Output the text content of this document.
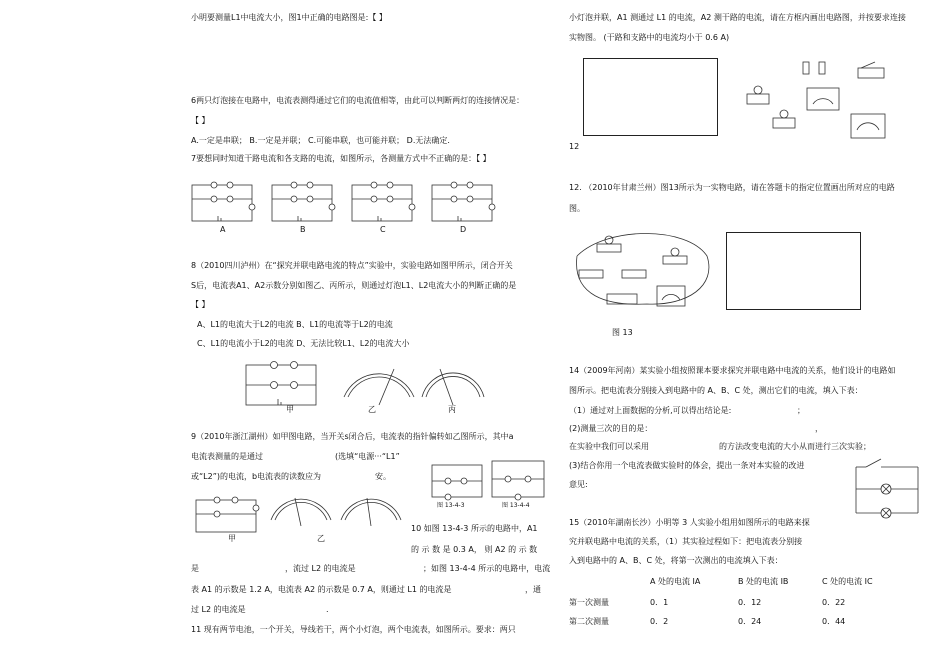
小明要测量L1中电流大小，图1中正确的电路图是:【 】
6两只灯泡接在电路中，电流表测得通过它们的电流值相等，由此可以判断两灯的连接情况是：
【 】
A.一定是串联； B.一定是并联； C.可能串联，也可能并联； D.无法确定.
7要想同时知道干路电流和各支路的电流，如图所示，各测量方式中不正确的是：【 】
A	B	C	D
8（2010四川泸州）在“探究并联电路电流的特点”实验中，实验电路如图甲所示，闭合开关
S后，电流表A1、A2示数分别如图乙、丙所示，则通过灯泡L1、L2电流大小的判断正确的是
【 】
A、L1的电流大于L2的电流 B、L1的电流等于L2的电流
C、L1的电流小于L2的电流 D、无法比较L1、L2的电流大小
甲	乙	丙
9（2010年浙江湖州）如甲图电路，当开关s闭合后，电流表的指针偏转如乙图所示，其中a
电流表测量的是通过	(选填“电源···“L1”
或“L2”)的电流，b电流表的读数应为	安。
甲	乙
图 13-4-3	图 13-4-4
10 如图 13-4-3 所示的电路中，A1
的 示 数 是 0.3 A， 则 A2 的 示 数
是	，流过 L2 的电流是	；如图 13-4-4 所示的电路中，电流
表 A1 的示数是 1.2 A，电流表 A2 的示数是 0.7 A，则通过 L1 的电流是	，通
过 L2 的电流是	.
11 现有两节电池，一个开关，导线若干，两个小灯泡，两个电流表，如图所示。要求：两只
小灯泡并联，A1 测通过 L1 的电流，A2 测干路的电流，请在方框内画出电路图，并按要求连接
实物图。 (干路和支路中的电流均小于 0.6 A)
12
12. （2010年甘肃兰州）图13所示为一实物电路，请在答题卡的指定位置画出所对应的电路
图。
图 13
14（2009年河南）某实验小组按照课本要求探究并联电路中电流的关系，他们设计的电路如
图所示。把电流表分别接入到电路中的 A、B、C 处，测出它们的电流，填入下表：
（1）通过对上面数据的分析,可以得出结论是:	；
(2)测量三次的目的是：	，
在实验中我们可以采用	的方法改变电流的大小从而进行三次实验；
(3)结合你用一个电流表做实验时的体会，提出一条对本实验的改进
意见:
15（2010年湖南长沙）小明等 3 人实验小组用如图所示的电路来探
究并联电路中电流的关系，（1）其实验过程如下：把电流表分别接
入到电路中的 A、B、C 处，将第一次测出的电流填入下表：
A 处的电流 IA	B 处的电流 IB	C 处的电流 IC
第一次测量	0．1	0．12	0．22
第二次测量	0．2	0．24	0．44
